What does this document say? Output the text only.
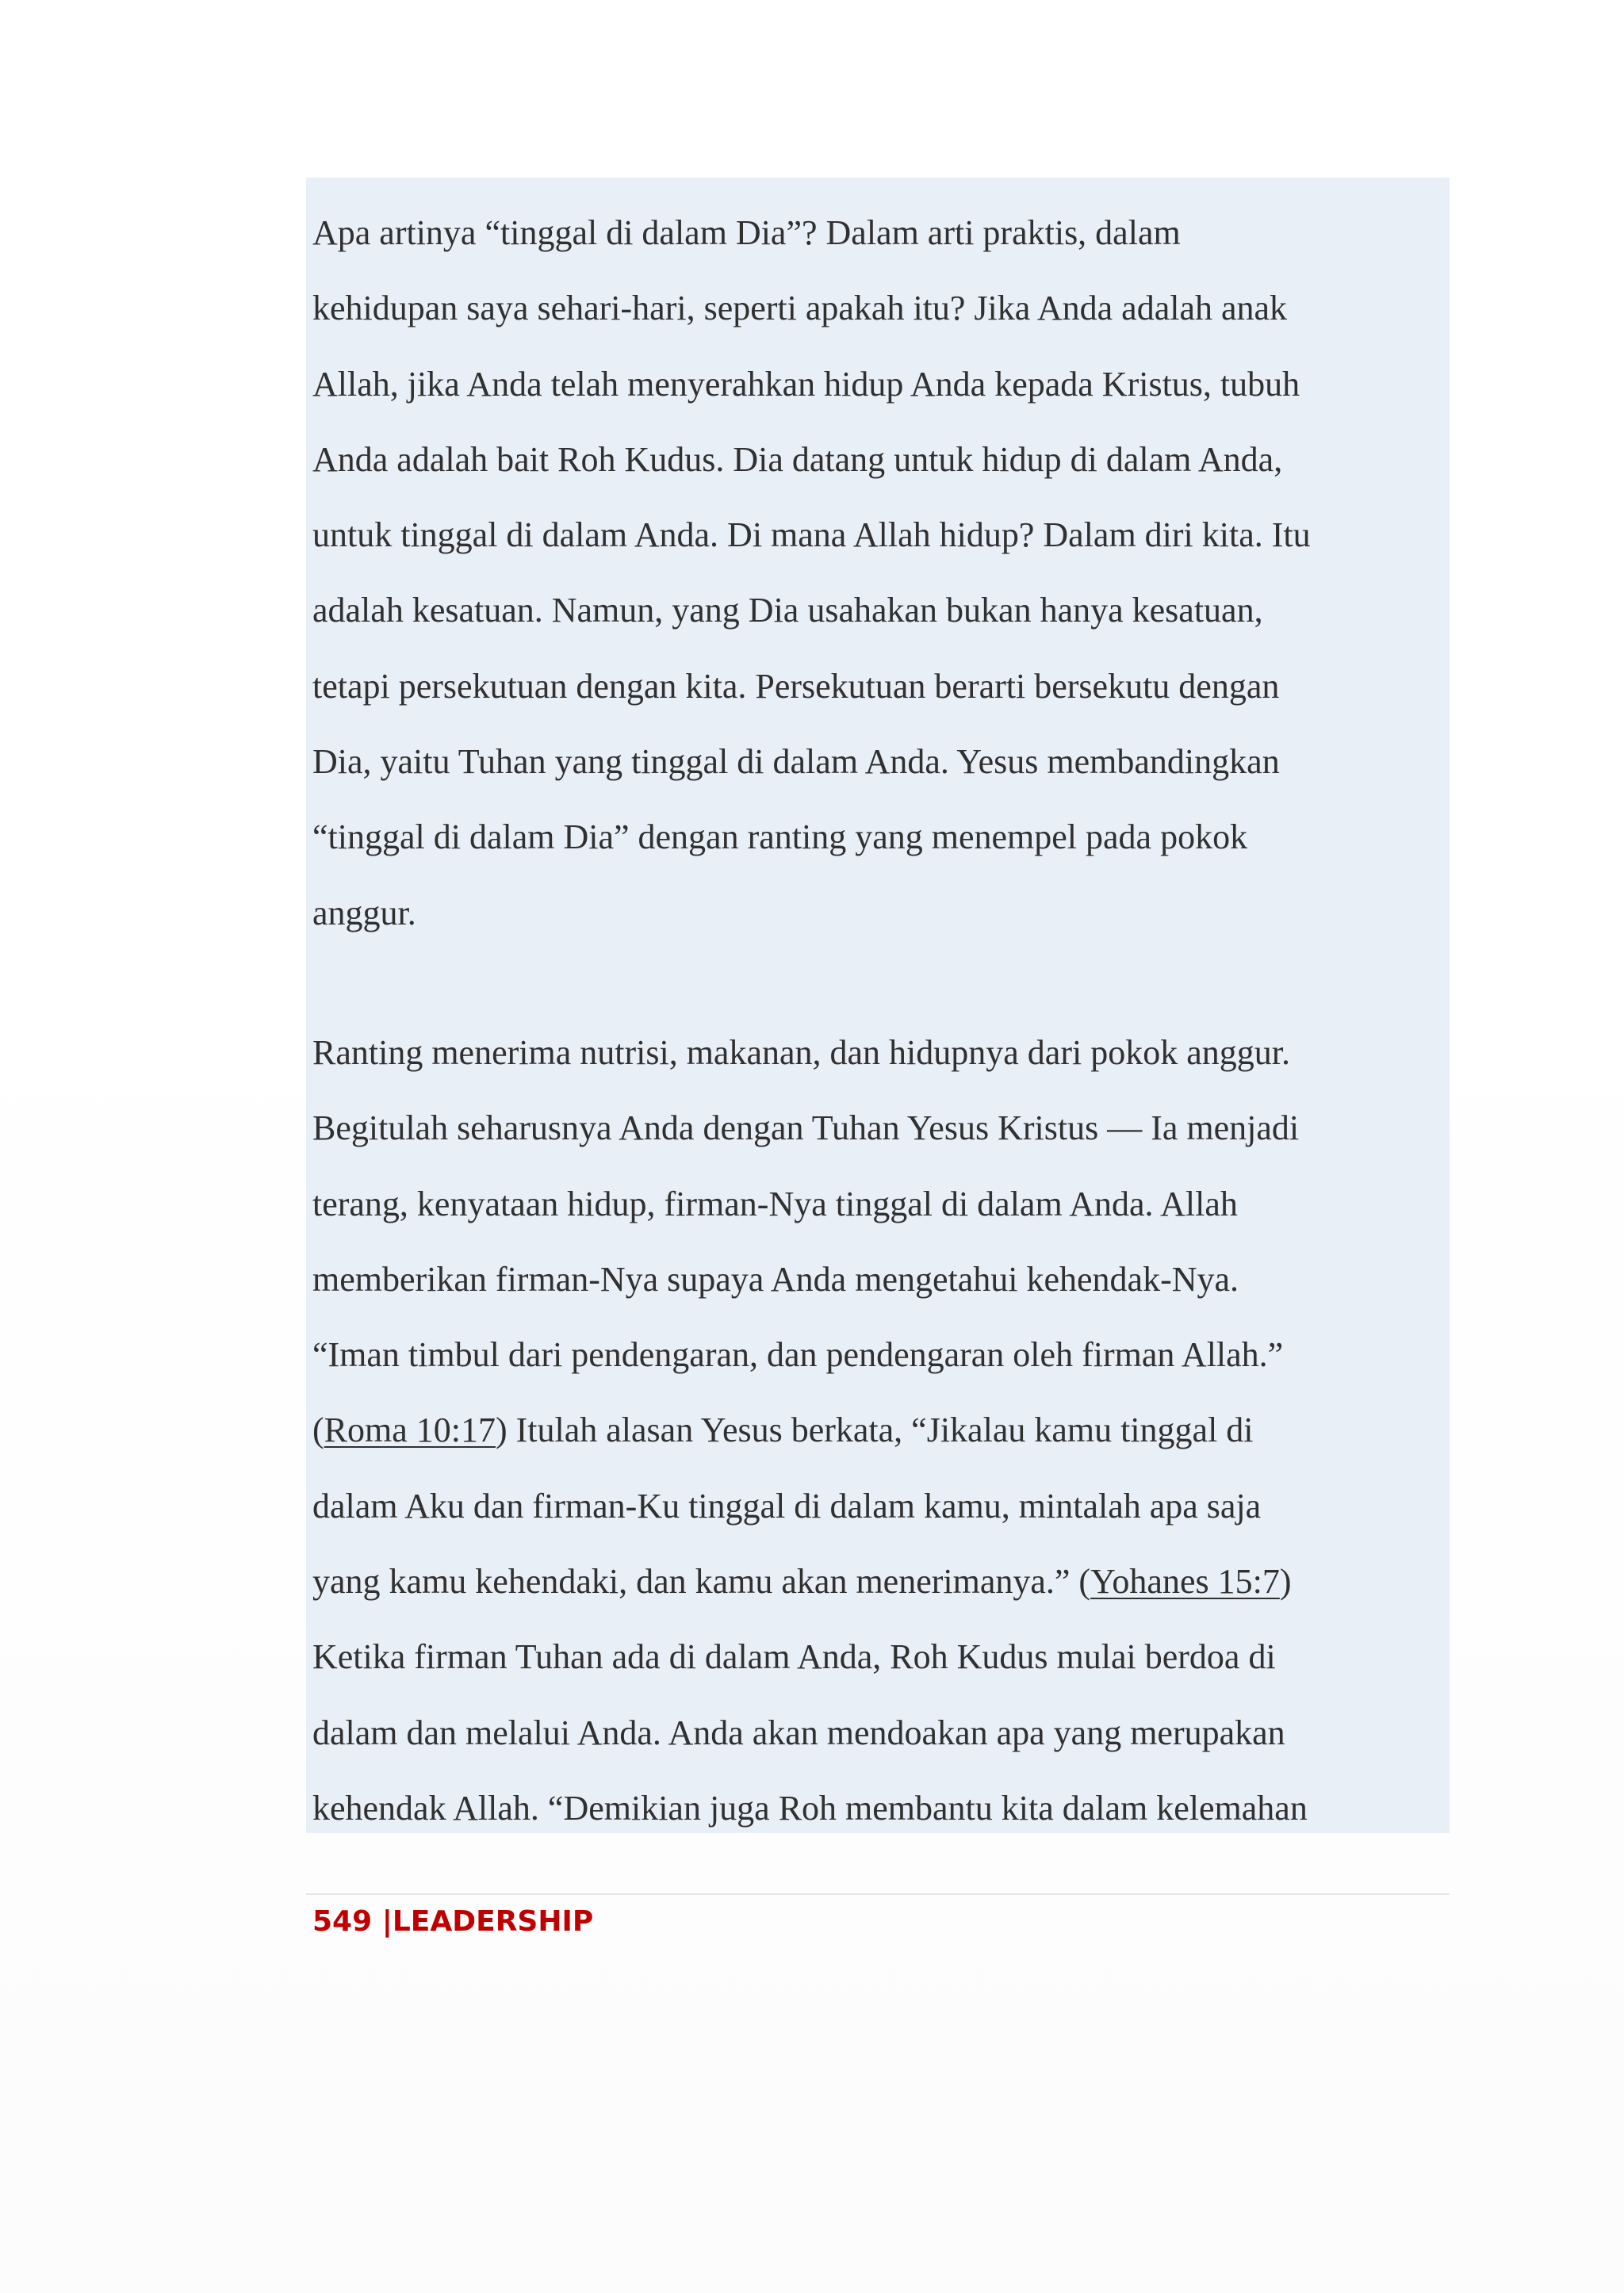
Apa artinya “tinggal di dalam Dia”? Dalam arti praktis, dalam
kehidupan saya sehari-hari, seperti apakah itu? Jika Anda adalah anak
Allah, jika Anda telah menyerahkan hidup Anda kepada Kristus, tubuh
Anda adalah bait Roh Kudus. Dia datang untuk hidup di dalam Anda,
untuk tinggal di dalam Anda. Di mana Allah hidup? Dalam diri kita. Itu
adalah kesatuan. Namun, yang Dia usahakan bukan hanya kesatuan,
tetapi persekutuan dengan kita. Persekutuan berarti bersekutu dengan
Dia, yaitu Tuhan yang tinggal di dalam Anda. Yesus membandingkan
“tinggal di dalam Dia” dengan ranting yang menempel pada pokok
anggur.

Ranting menerima nutrisi, makanan, dan hidupnya dari pokok anggur.
Begitulah seharusnya Anda dengan Tuhan Yesus Kristus — Ia menjadi
terang, kenyataan hidup, firman-Nya tinggal di dalam Anda. Allah
memberikan firman-Nya supaya Anda mengetahui kehendak-Nya.
“Iman timbul dari pendengaran, dan pendengaran oleh firman Allah.”
(Roma 10:17) Itulah alasan Yesus berkata, “Jikalau kamu tinggal di
dalam Aku dan firman-Ku tinggal di dalam kamu, mintalah apa saja
yang kamu kehendaki, dan kamu akan menerimanya.” (Yohanes 15:7)
Ketika firman Tuhan ada di dalam Anda, Roh Kudus mulai berdoa di
dalam dan melalui Anda. Anda akan mendoakan apa yang merupakan
kehendak Allah. “Demikian juga Roh membantu kita dalam kelemahan

549 |LEADERSHIP
